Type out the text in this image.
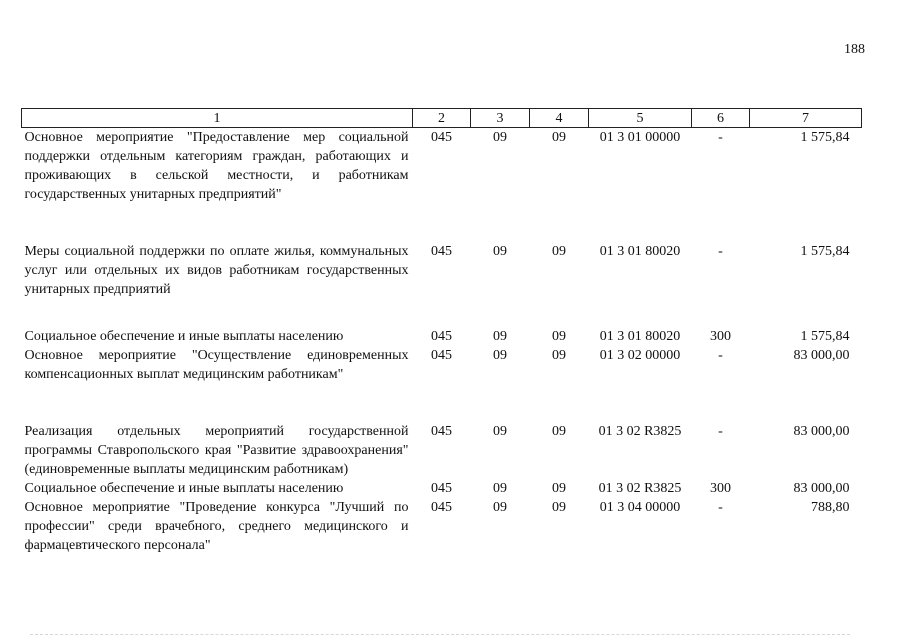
188
1	2	3	4	5	6	7
Основное мероприятие "Предоставление мер социальной поддержки отдельным категориям граждан, работающих и проживающих в сельской местности, и работникам государственных унитарных предприятий"	045	09	09	01 3 01 00000	-	1 575,84

Меры социальной поддержки по оплате жилья, коммунальных услуг или отдельных их видов работникам государственных унитарных предприятий	045	09	09	01 3 01 80020	-	1 575,84

Социальное обеспечение и иные выплаты населению	045	09	09	01 3 01 80020	300	1 575,84
Основное мероприятие "Осуществление единовременных компенсационных выплат медицинским работникам"	045	09	09	01 3 02 00000	-	83 000,00

Реализация отдельных мероприятий государственной программы Ставропольского края "Развитие здравоохранения" (единовременные выплаты медицинским работникам)	045	09	09	01 3 02 R3825	-	83 000,00
Социальное обеспечение и иные выплаты населению	045	09	09	01 3 02 R3825	300	83 000,00
Основное мероприятие "Проведение конкурса "Лучший по профессии" среди врачебного, среднего медицинского и фармацевтического персонала"	045	09	09	01 3 04 00000	-	788,80
